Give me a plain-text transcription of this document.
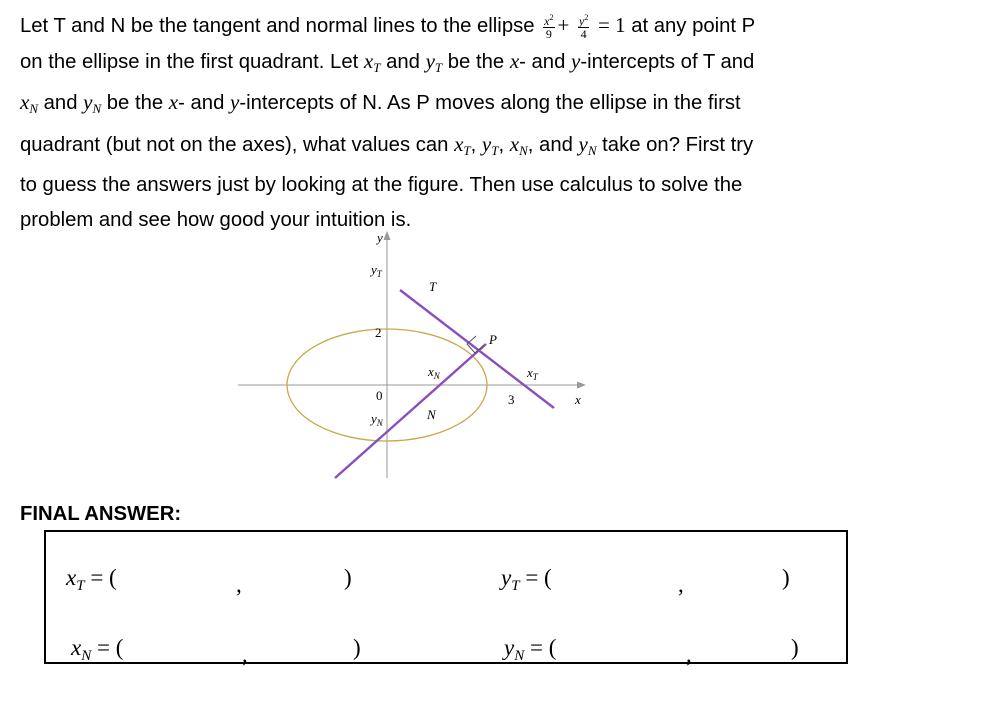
Let T and N be the tangent and normal lines to the ellipse $\frac{x^2}{9} + \frac{y^2}{4} = 1$ at any point P
on the ellipse in the first quadrant. Let $x_T$ and $y_T$ be the x- and y-intercepts of T and
$x_N$ and $y_N$ be the x- and y-intercepts of N. As P moves along the ellipse in the first
quadrant (but not on the axes), what values can $x_T$, $y_T$, $x_N$, and $y_N$ take on? First try
to guess the answers just by looking at the figure. Then use calculus to solve the
problem and see how good your intuition is.
y
x
$y_T$
T
2	P
$x_N$	$x_T$
0	3
$y_N$
N
FINAL ANSWER:
$x_T$ = (	,	)	$y_T$ = (	,	)
$x_N$ = (	,	)	$y_N$ = (	,	)
